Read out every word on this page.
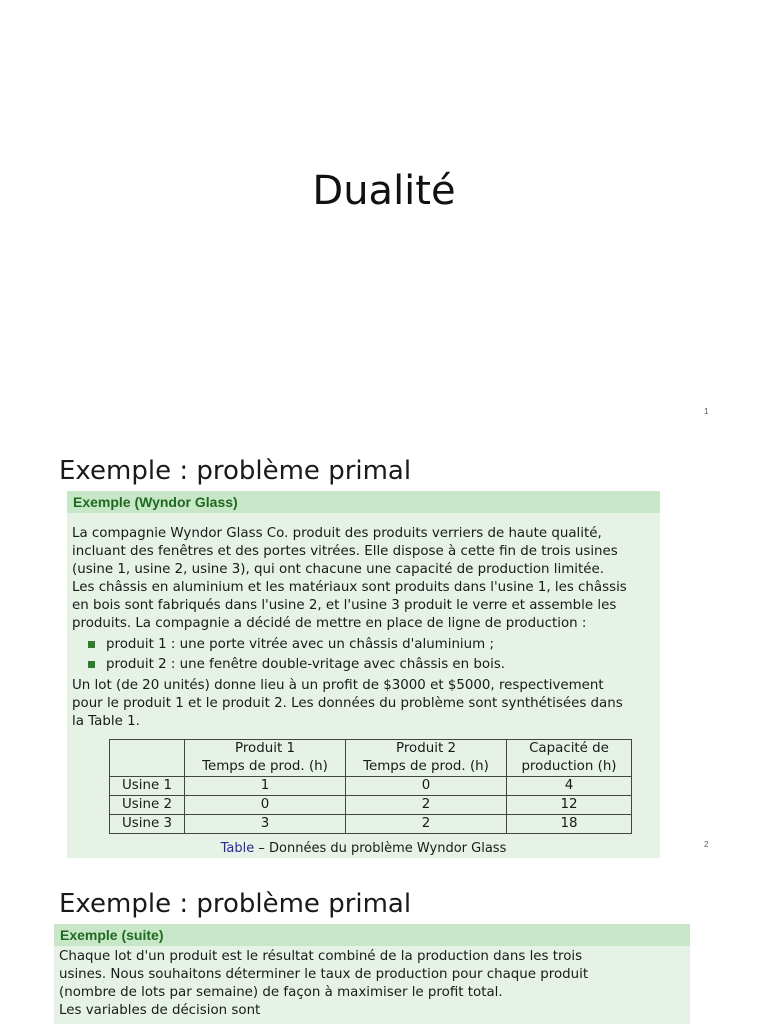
Dualité
1
Exemple : problème primal
Exemple (Wyndor Glass)
La compagnie Wyndor Glass Co. produit des produits verriers de haute qualité,
incluant des fenêtres et des portes vitrées. Elle dispose à cette fin de trois usines
(usine 1, usine 2, usine 3), qui ont chacune une capacité de production limitée.
Les châssis en aluminium et les matériaux sont produits dans l'usine 1, les châssis
en bois sont fabriqués dans l'usine 2, et l'usine 3 produit le verre et assemble les
produits. La compagnie a décidé de mettre en place de ligne de production :
produit 1 : une porte vitrée avec un châssis d'aluminium ;
produit 2 : une fenêtre double-vritage avec châssis en bois.
Un lot (de 20 unités) donne lieu à un profit de $3000 et $5000, respectivement
pour le produit 1 et le produit 2. Les données du problème sont synthétisées dans
la Table 1.
	Produit 1	Produit 2	Capacité de
	Temps de prod. (h)	Temps de prod. (h)	production (h)
Usine 1	1	0	4
Usine 2	0	2	12
Usine 3	3	2	18
Table – Données du problème Wyndor Glass	2
Exemple : problème primal
Exemple (suite)
Chaque lot d'un produit est le résultat combiné de la production dans les trois
usines. Nous souhaitons déterminer le taux de production pour chaque produit
(nombre de lots par semaine) de façon à maximiser le profit total.
Les variables de décision sont
